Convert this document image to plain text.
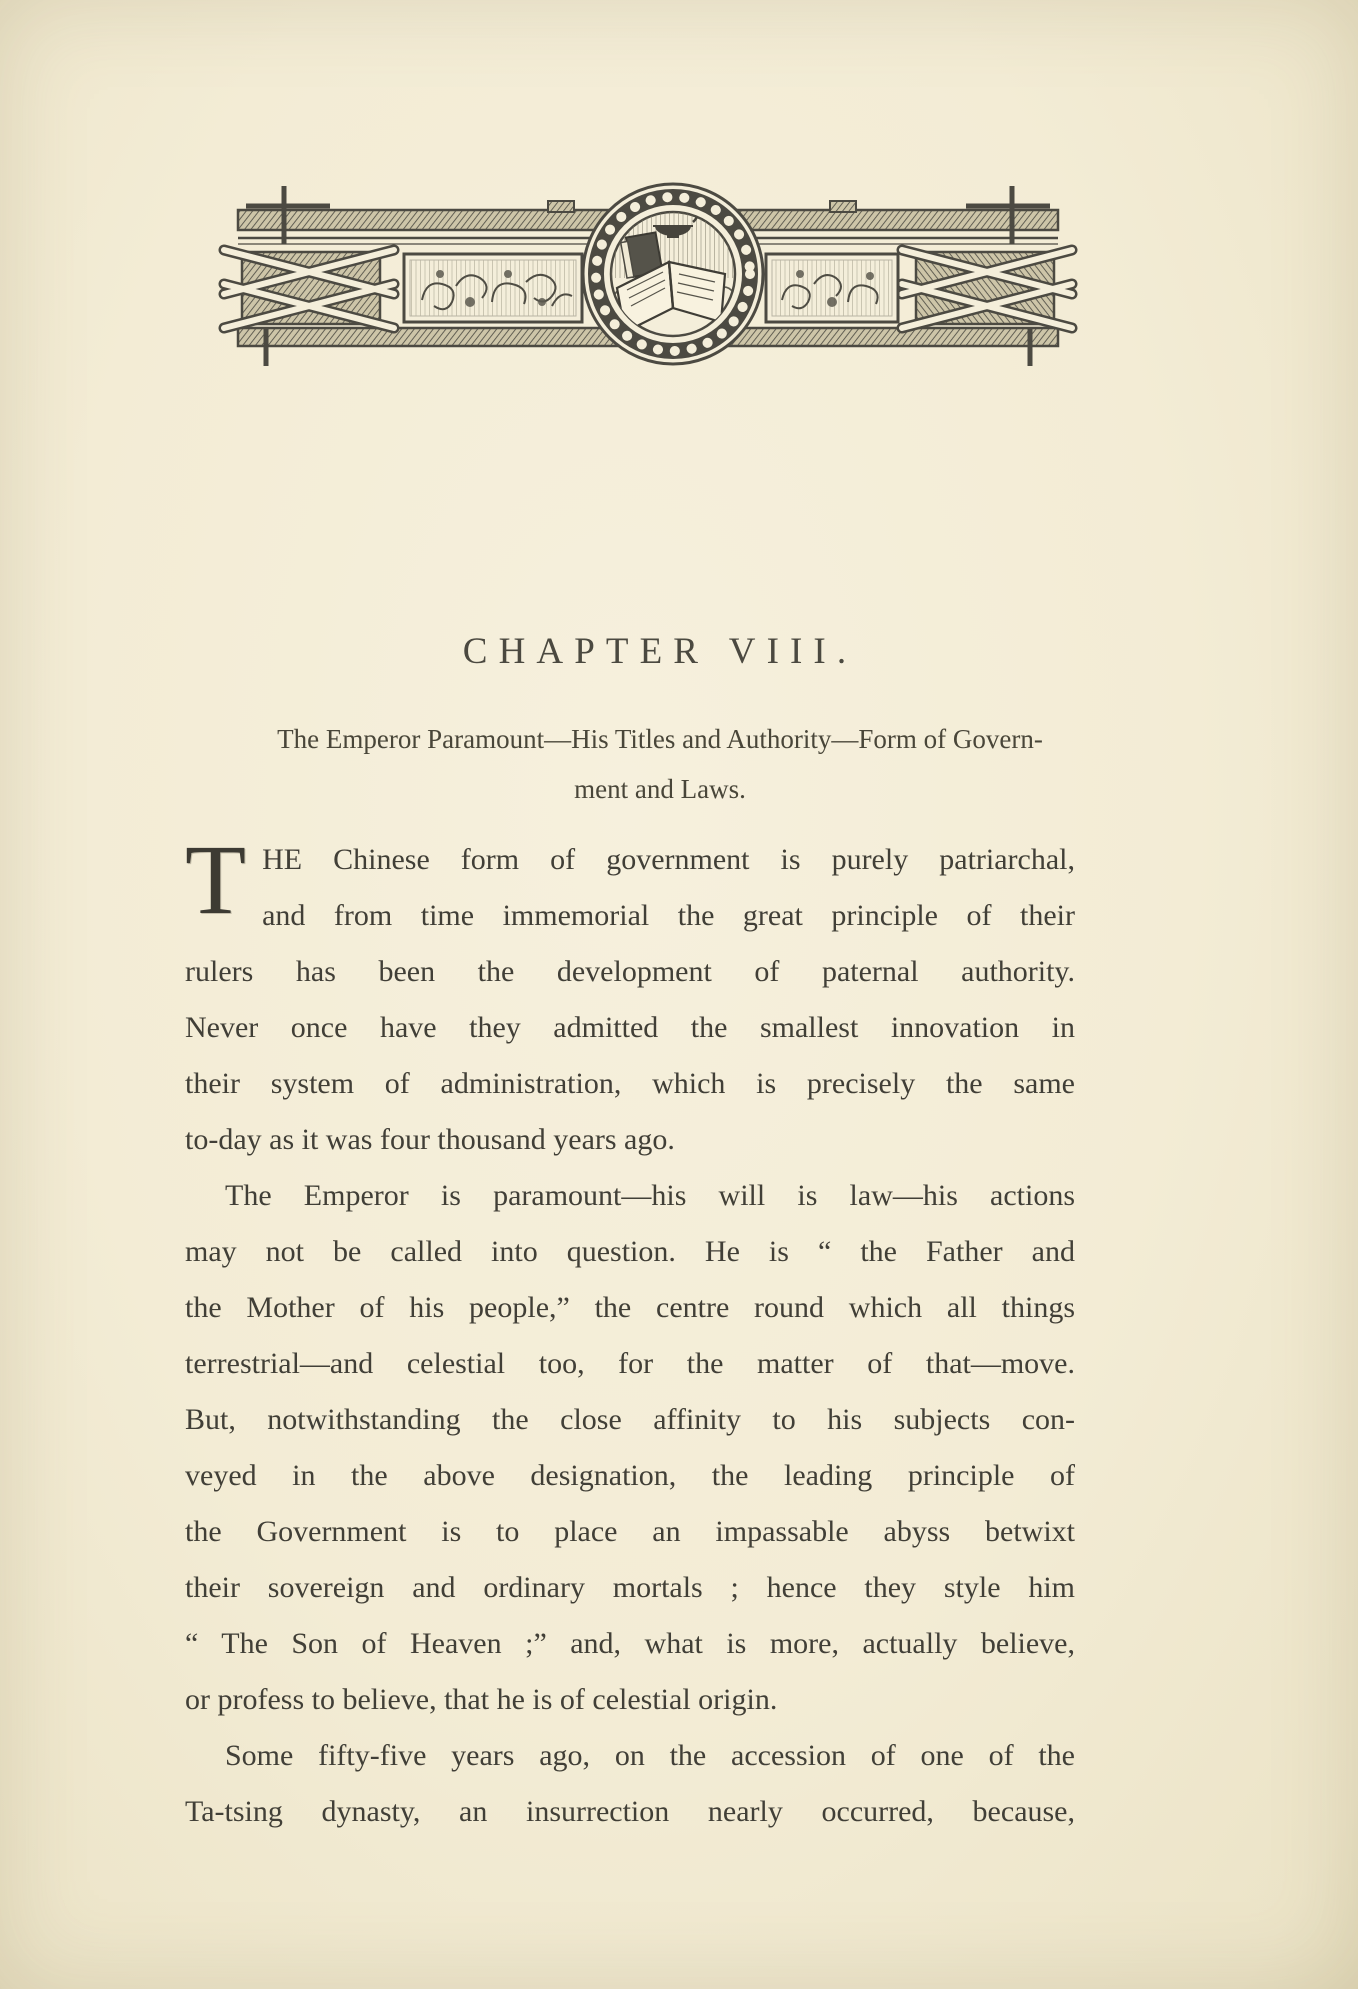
CHAPTER VIII.
The Emperor Paramount—His Titles and Authority—Form of Govern-
ment and Laws.
T HE Chinese form of government is purely patriarchal,
and from time immemorial the great principle of their
rulers has been the development of paternal authority.
Never once have they admitted the smallest innovation in
their system of administration, which is precisely the same
to-day as it was four thousand years ago.
The Emperor is paramount—his will is law—his actions
may not be called into question. He is “ the Father and
the Mother of his people,” the centre round which all things
terrestrial—and celestial too, for the matter of that—move.
But, notwithstanding the close affinity to his subjects con-
veyed in the above designation, the leading principle of
the Government is to place an impassable abyss betwixt
their sovereign and ordinary mortals ; hence they style him
“ The Son of Heaven ;” and, what is more, actually believe,
or profess to believe, that he is of celestial origin.
Some fifty-five years ago, on the accession of one of the
Ta-tsing dynasty, an insurrection nearly occurred, because,
